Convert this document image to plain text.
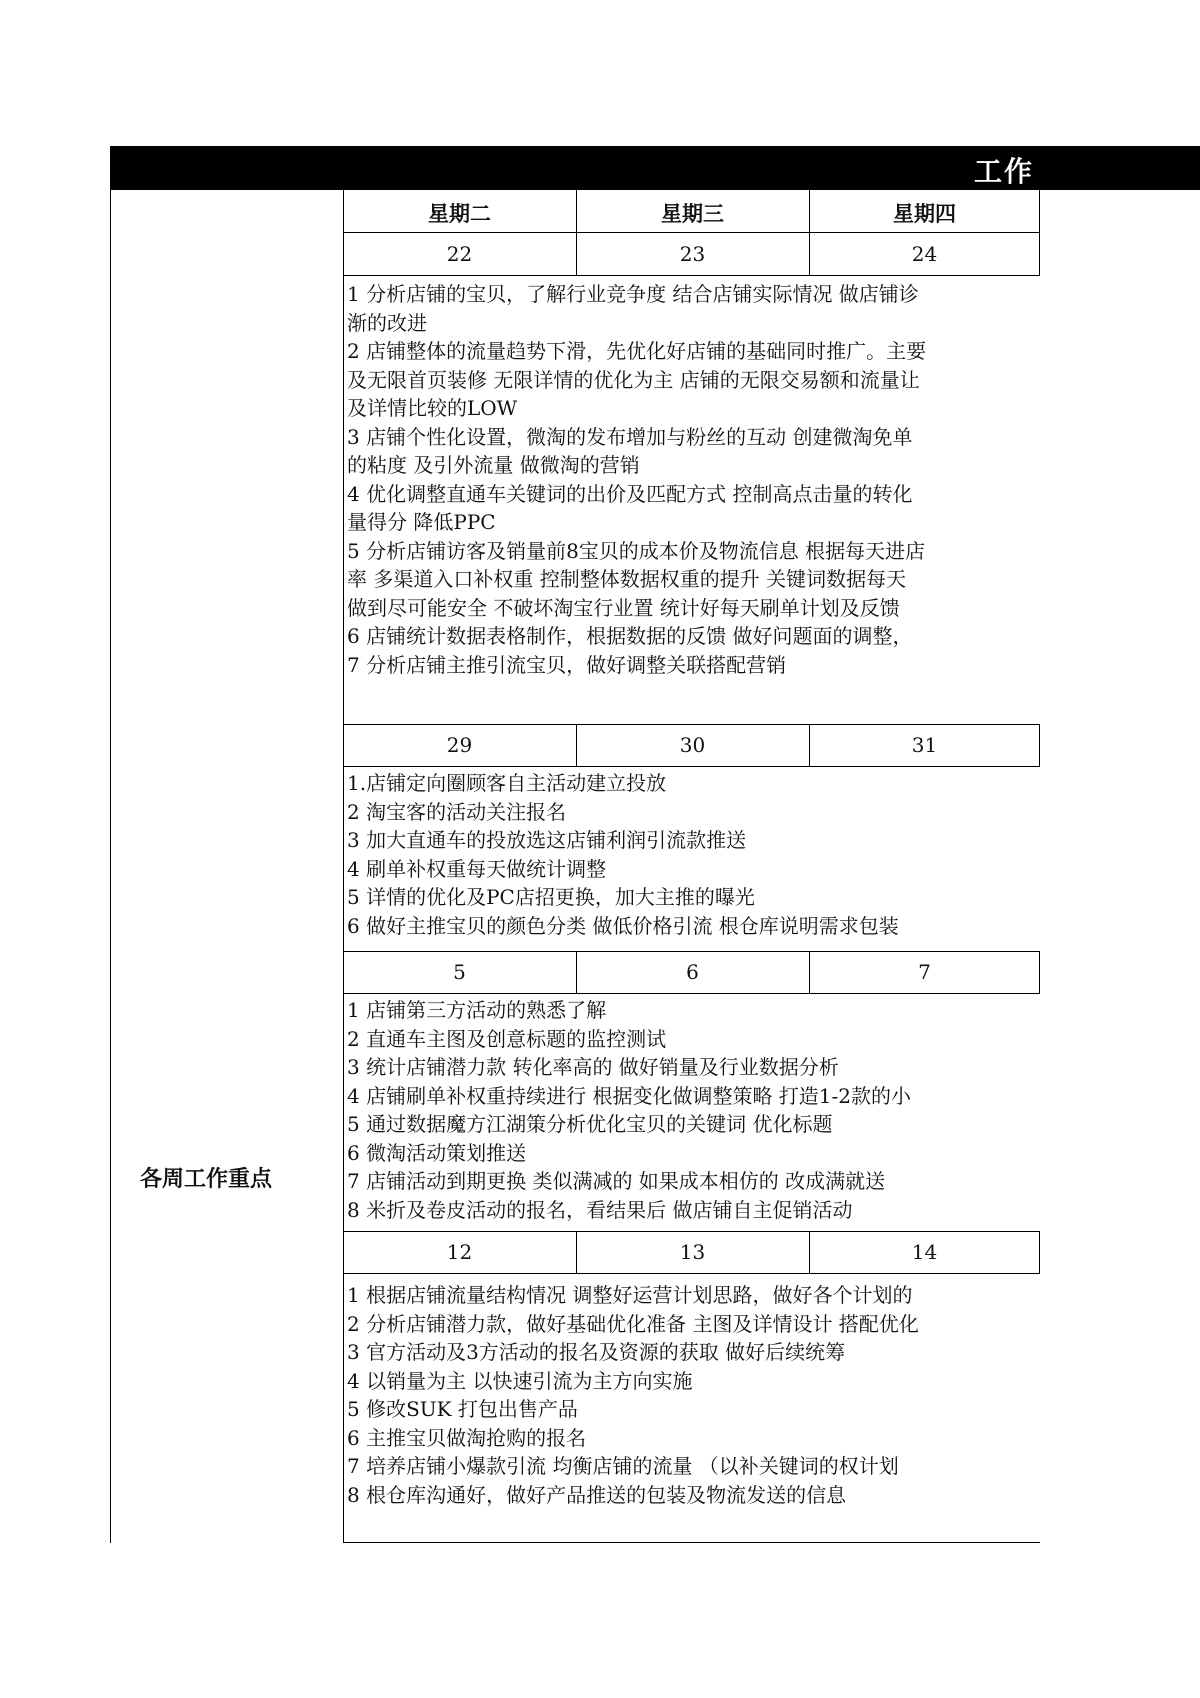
工作
各周工作重点
星期二	星期三	星期四
22	23	24
1 分析店铺的宝贝，了解行业竞争度 结合店铺实际情况 做店铺诊
渐的改进
2 店铺整体的流量趋势下滑，先优化好店铺的基础同时推广。主要
及无限首页装修 无限详情的优化为主 店铺的无限交易额和流量让
及详情比较的LOW
3 店铺个性化设置，微淘的发布增加与粉丝的互动 创建微淘免单
的粘度 及引外流量 做微淘的营销
4 优化调整直通车关键词的出价及匹配方式 控制高点击量的转化
量得分 降低PPC
5 分析店铺访客及销量前8宝贝的成本价及物流信息 根据每天进店
率 多渠道入口补权重 控制整体数据权重的提升 关键词数据每天
做到尽可能安全 不破坏淘宝行业置 统计好每天刷单计划及反馈
6 店铺统计数据表格制作，根据数据的反馈 做好问题面的调整，
7 分析店铺主推引流宝贝，做好调整关联搭配营销
29	30	31
1.店铺定向圈顾客自主活动建立投放
2 淘宝客的活动关注报名
3 加大直通车的投放选这店铺利润引流款推送
4 刷单补权重每天做统计调整
5 详情的优化及PC店招更换，加大主推的曝光
6 做好主推宝贝的颜色分类 做低价格引流 根仓库说明需求包装
5	6	7
1 店铺第三方活动的熟悉了解
2 直通车主图及创意标题的监控测试
3 统计店铺潜力款 转化率高的 做好销量及行业数据分析
4 店铺刷单补权重持续进行 根据变化做调整策略 打造1-2款的小
5 通过数据魔方江湖策分析优化宝贝的关键词 优化标题
6 微淘活动策划推送
7 店铺活动到期更换 类似满减的 如果成本相仿的 改成满就送
8 米折及卷皮活动的报名，看结果后 做店铺自主促销活动
12	13	14
1 根据店铺流量结构情况 调整好运营计划思路，做好各个计划的
2 分析店铺潜力款，做好基础优化准备 主图及详情设计 搭配优化
3 官方活动及3方活动的报名及资源的获取 做好后续统筹
4 以销量为主 以快速引流为主方向实施
5 修改SUK 打包出售产品
6 主推宝贝做淘抢购的报名
7 培养店铺小爆款引流 均衡店铺的流量 （以补关键词的权计划
8 根仓库沟通好，做好产品推送的包装及物流发送的信息
